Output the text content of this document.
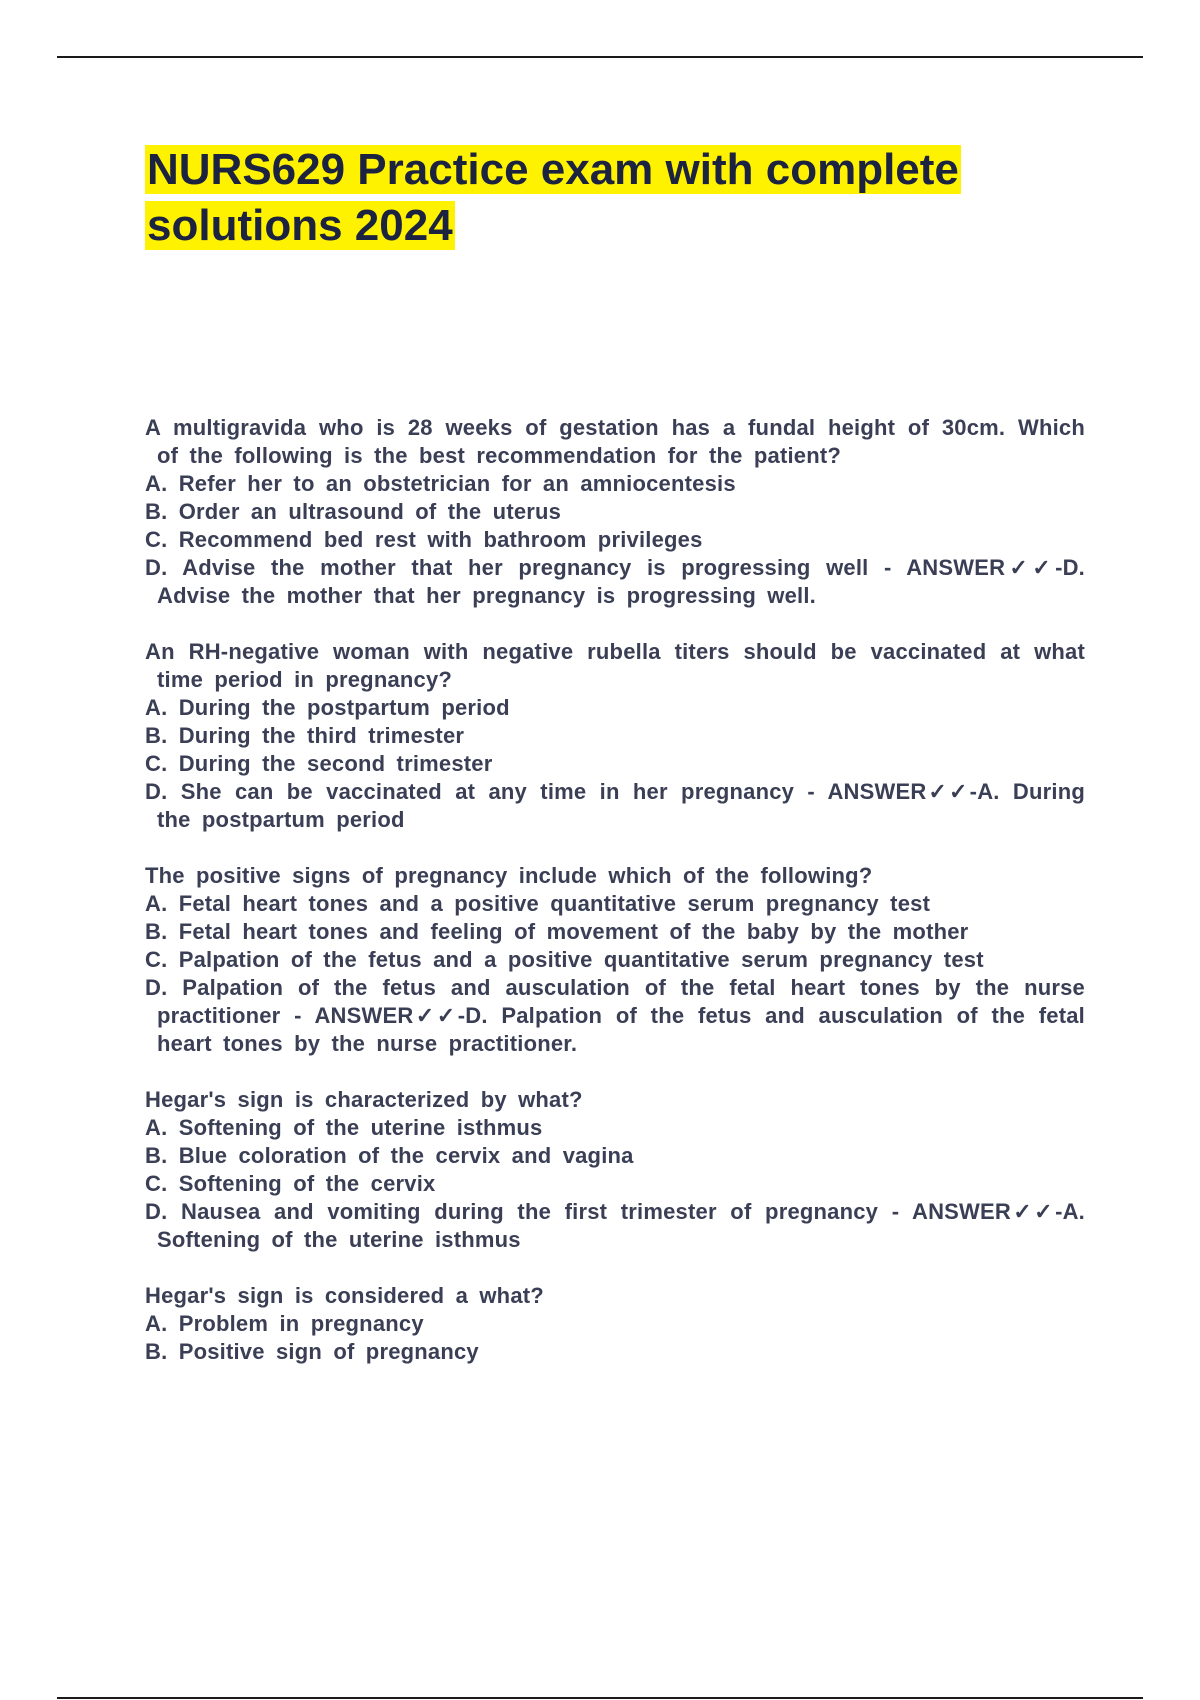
NURS629 Practice exam with complete solutions 2024
A multigravida who is 28 weeks of gestation has a fundal height of 30cm. Which of the following is the best recommendation for the patient?
A. Refer her to an obstetrician for an amniocentesis
B. Order an ultrasound of the uterus
C. Recommend bed rest with bathroom privileges
D. Advise the mother that her pregnancy is progressing well - ANSWER✓✓-D. Advise the mother that her pregnancy is progressing well.
An RH-negative woman with negative rubella titers should be vaccinated at what time period in pregnancy?
A. During the postpartum period
B. During the third trimester
C. During the second trimester
D. She can be vaccinated at any time in her pregnancy - ANSWER✓✓-A. During the postpartum period
The positive signs of pregnancy include which of the following?
A. Fetal heart tones and a positive quantitative serum pregnancy test
B. Fetal heart tones and feeling of movement of the baby by the mother
C. Palpation of the fetus and a positive quantitative serum pregnancy test
D. Palpation of the fetus and ausculation of the fetal heart tones by the nurse practitioner - ANSWER✓✓-D. Palpation of the fetus and ausculation of the fetal heart tones by the nurse practitioner.
Hegar's sign is characterized by what?
A. Softening of the uterine isthmus
B. Blue coloration of the cervix and vagina
C. Softening of the cervix
D. Nausea and vomiting during the first trimester of pregnancy - ANSWER✓✓-A. Softening of the uterine isthmus
Hegar's sign is considered a what?
A. Problem in pregnancy
B. Positive sign of pregnancy
